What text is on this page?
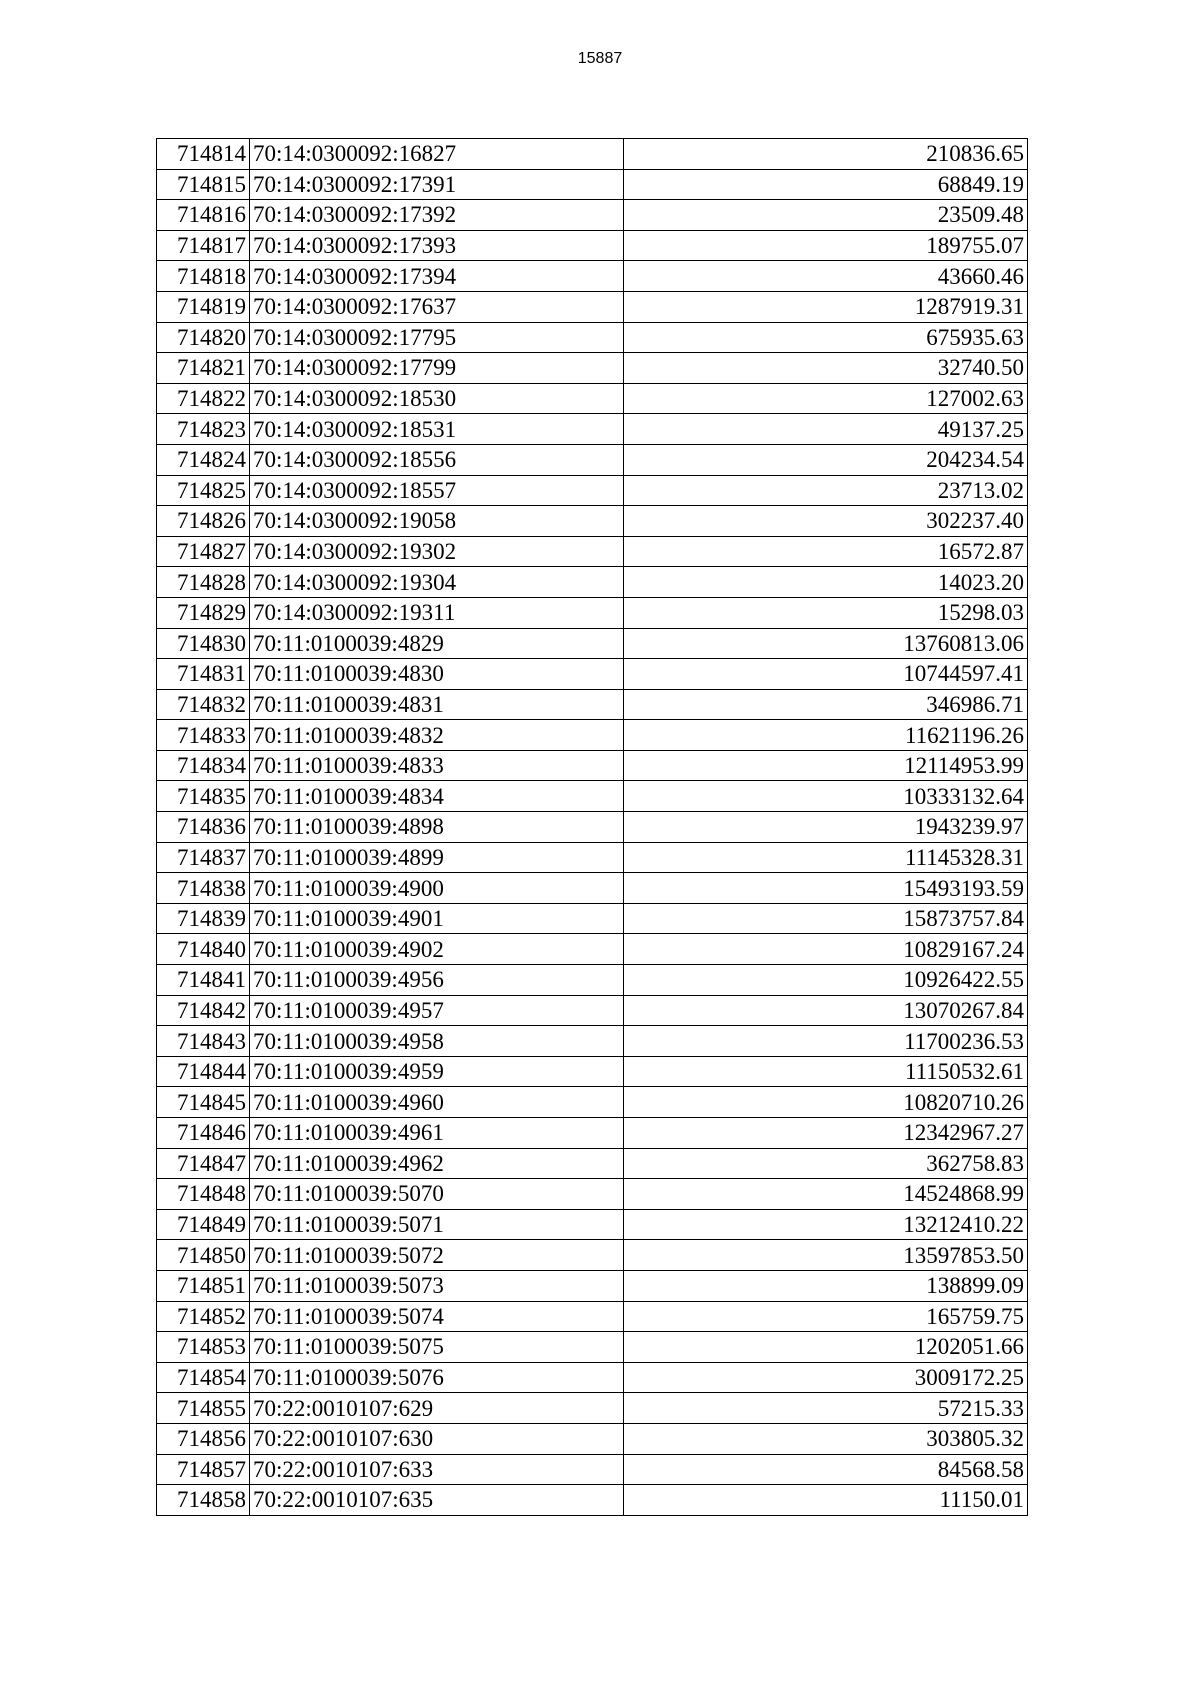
15887
714814	70:14:0300092:16827	210836.65
714815	70:14:0300092:17391	68849.19
714816	70:14:0300092:17392	23509.48
714817	70:14:0300092:17393	189755.07
714818	70:14:0300092:17394	43660.46
714819	70:14:0300092:17637	1287919.31
714820	70:14:0300092:17795	675935.63
714821	70:14:0300092:17799	32740.50
714822	70:14:0300092:18530	127002.63
714823	70:14:0300092:18531	49137.25
714824	70:14:0300092:18556	204234.54
714825	70:14:0300092:18557	23713.02
714826	70:14:0300092:19058	302237.40
714827	70:14:0300092:19302	16572.87
714828	70:14:0300092:19304	14023.20
714829	70:14:0300092:19311	15298.03
714830	70:11:0100039:4829	13760813.06
714831	70:11:0100039:4830	10744597.41
714832	70:11:0100039:4831	346986.71
714833	70:11:0100039:4832	11621196.26
714834	70:11:0100039:4833	12114953.99
714835	70:11:0100039:4834	10333132.64
714836	70:11:0100039:4898	1943239.97
714837	70:11:0100039:4899	11145328.31
714838	70:11:0100039:4900	15493193.59
714839	70:11:0100039:4901	15873757.84
714840	70:11:0100039:4902	10829167.24
714841	70:11:0100039:4956	10926422.55
714842	70:11:0100039:4957	13070267.84
714843	70:11:0100039:4958	11700236.53
714844	70:11:0100039:4959	11150532.61
714845	70:11:0100039:4960	10820710.26
714846	70:11:0100039:4961	12342967.27
714847	70:11:0100039:4962	362758.83
714848	70:11:0100039:5070	14524868.99
714849	70:11:0100039:5071	13212410.22
714850	70:11:0100039:5072	13597853.50
714851	70:11:0100039:5073	138899.09
714852	70:11:0100039:5074	165759.75
714853	70:11:0100039:5075	1202051.66
714854	70:11:0100039:5076	3009172.25
714855	70:22:0010107:629	57215.33
714856	70:22:0010107:630	303805.32
714857	70:22:0010107:633	84568.58
714858	70:22:0010107:635	11150.01
